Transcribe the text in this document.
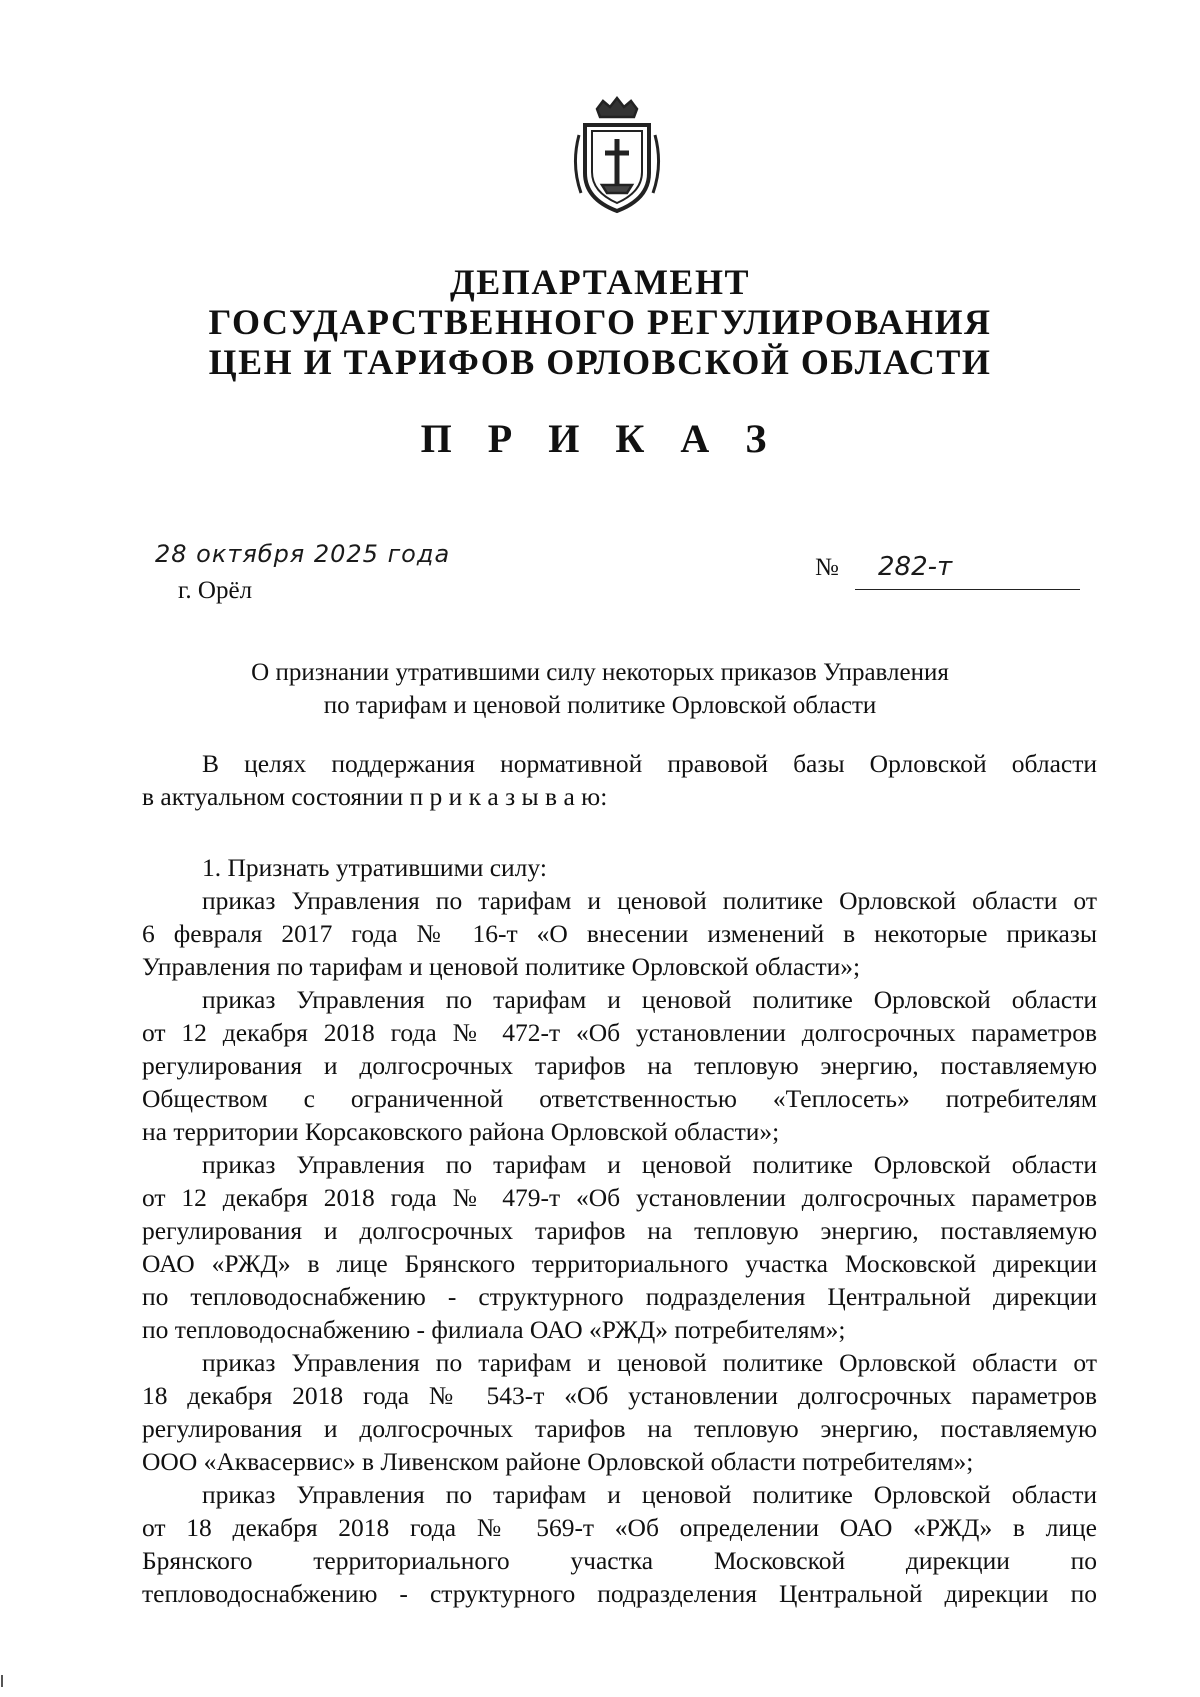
ДЕПАРТАМЕНТ
ГОСУДАРСТВЕННОГО РЕГУЛИРОВАНИЯ
ЦЕН И ТАРИФОВ ОРЛОВСКОЙ ОБЛАСТИ
П Р И К А З
28 октября 2025 года
г. Орёл
№ 282-т
О признании утратившими силу некоторых приказов Управления
по тарифам и ценовой политике Орловской области
В целях поддержания нормативной правовой базы Орловской области
в актуальном состоянии п р и к а з ы в а ю:
1. Признать утратившими силу:
приказ Управления по тарифам и ценовой политике Орловской области от
6 февраля 2017 года № 16-т «О внесении изменений в некоторые приказы
Управления по тарифам и ценовой политике Орловской области»;
приказ Управления по тарифам и ценовой политике Орловской области
от 12 декабря 2018 года № 472-т «Об установлении долгосрочных параметров
регулирования и долгосрочных тарифов на тепловую энергию, поставляемую
Обществом с ограниченной ответственностью «Теплосеть» потребителям
на территории Корсаковского района Орловской области»;
приказ Управления по тарифам и ценовой политике Орловской области
от 12 декабря 2018 года № 479-т «Об установлении долгосрочных параметров
регулирования и долгосрочных тарифов на тепловую энергию, поставляемую
ОАО «РЖД» в лице Брянского территориального участка Московской дирекции
по тепловодоснабжению - структурного подразделения Центральной дирекции
по тепловодоснабжению - филиала ОАО «РЖД» потребителям»;
приказ Управления по тарифам и ценовой политике Орловской области от
18 декабря 2018 года № 543-т «Об установлении долгосрочных параметров
регулирования и долгосрочных тарифов на тепловую энергию, поставляемую
ООО «Аквасервис» в Ливенском районе Орловской области потребителям»;
приказ Управления по тарифам и ценовой политике Орловской области
от 18 декабря 2018 года № 569-т «Об определении ОАО «РЖД» в лице
Брянского территориального участка Московской дирекции по
тепловодоснабжению - структурного подразделения Центральной дирекции по
